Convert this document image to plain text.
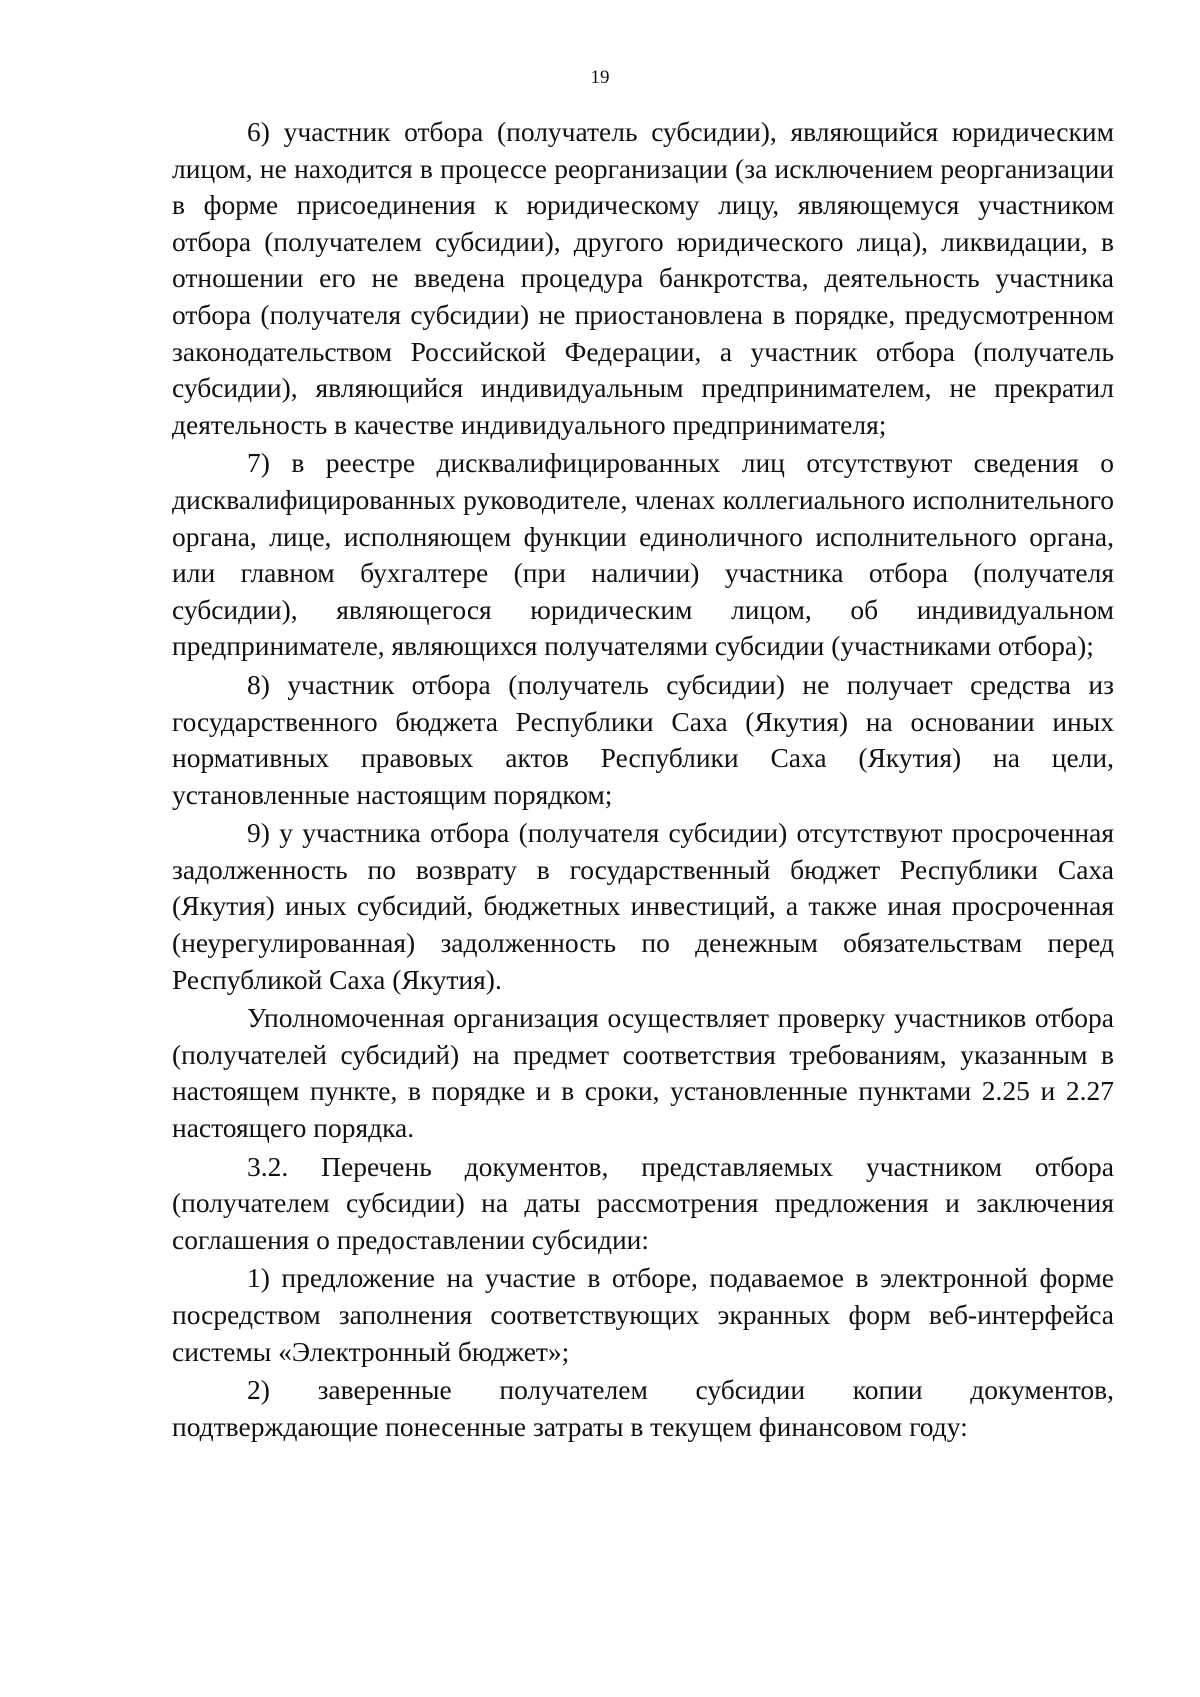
19

6) участник отбора (получатель субсидии), являющийся юридическим лицом, не находится в процессе реорганизации (за исключением реорганизации в форме присоединения к юридическому лицу, являющемуся участником отбора (получателем субсидии), другого юридического лица), ликвидации, в отношении его не введена процедура банкротства, деятельность участника отбора (получателя субсидии) не приостановлена в порядке, предусмотренном законодательством Российской Федерации, а участник отбора (получатель субсидии), являющийся индивидуальным предпринимателем, не прекратил деятельность в качестве индивидуального предпринимателя;

7) в реестре дисквалифицированных лиц отсутствуют сведения о дисквалифицированных руководителе, членах коллегиального исполнительного органа, лице, исполняющем функции единоличного исполнительного органа, или главном бухгалтере (при наличии) участника отбора (получателя субсидии), являющегося юридическим лицом, об индивидуальном предпринимателе, являющихся получателями субсидии (участниками отбора);

8) участник отбора (получатель субсидии) не получает средства из государственного бюджета Республики Саха (Якутия) на основании иных нормативных правовых актов Республики Саха (Якутия) на цели, установленные настоящим порядком;

9) у участника отбора (получателя субсидии) отсутствуют просроченная задолженность по возврату в государственный бюджет Республики Саха (Якутия) иных субсидий, бюджетных инвестиций, а также иная просроченная (неурегулированная) задолженность по денежным обязательствам перед Республикой Саха (Якутия).

Уполномоченная организация осуществляет проверку участников отбора (получателей субсидий) на предмет соответствия требованиям, указанным в настоящем пункте, в порядке и в сроки, установленные пунктами 2.25 и 2.27 настоящего порядка.

3.2. Перечень документов, представляемых участником отбора (получателем субсидии) на даты рассмотрения предложения и заключения соглашения о предоставлении субсидии:

1) предложение на участие в отборе, подаваемое в электронной форме посредством заполнения соответствующих экранных форм веб-интерфейса системы «Электронный бюджет»;

2) заверенные получателем субсидии копии документов, подтверждающие понесенные затраты в текущем финансовом году:
